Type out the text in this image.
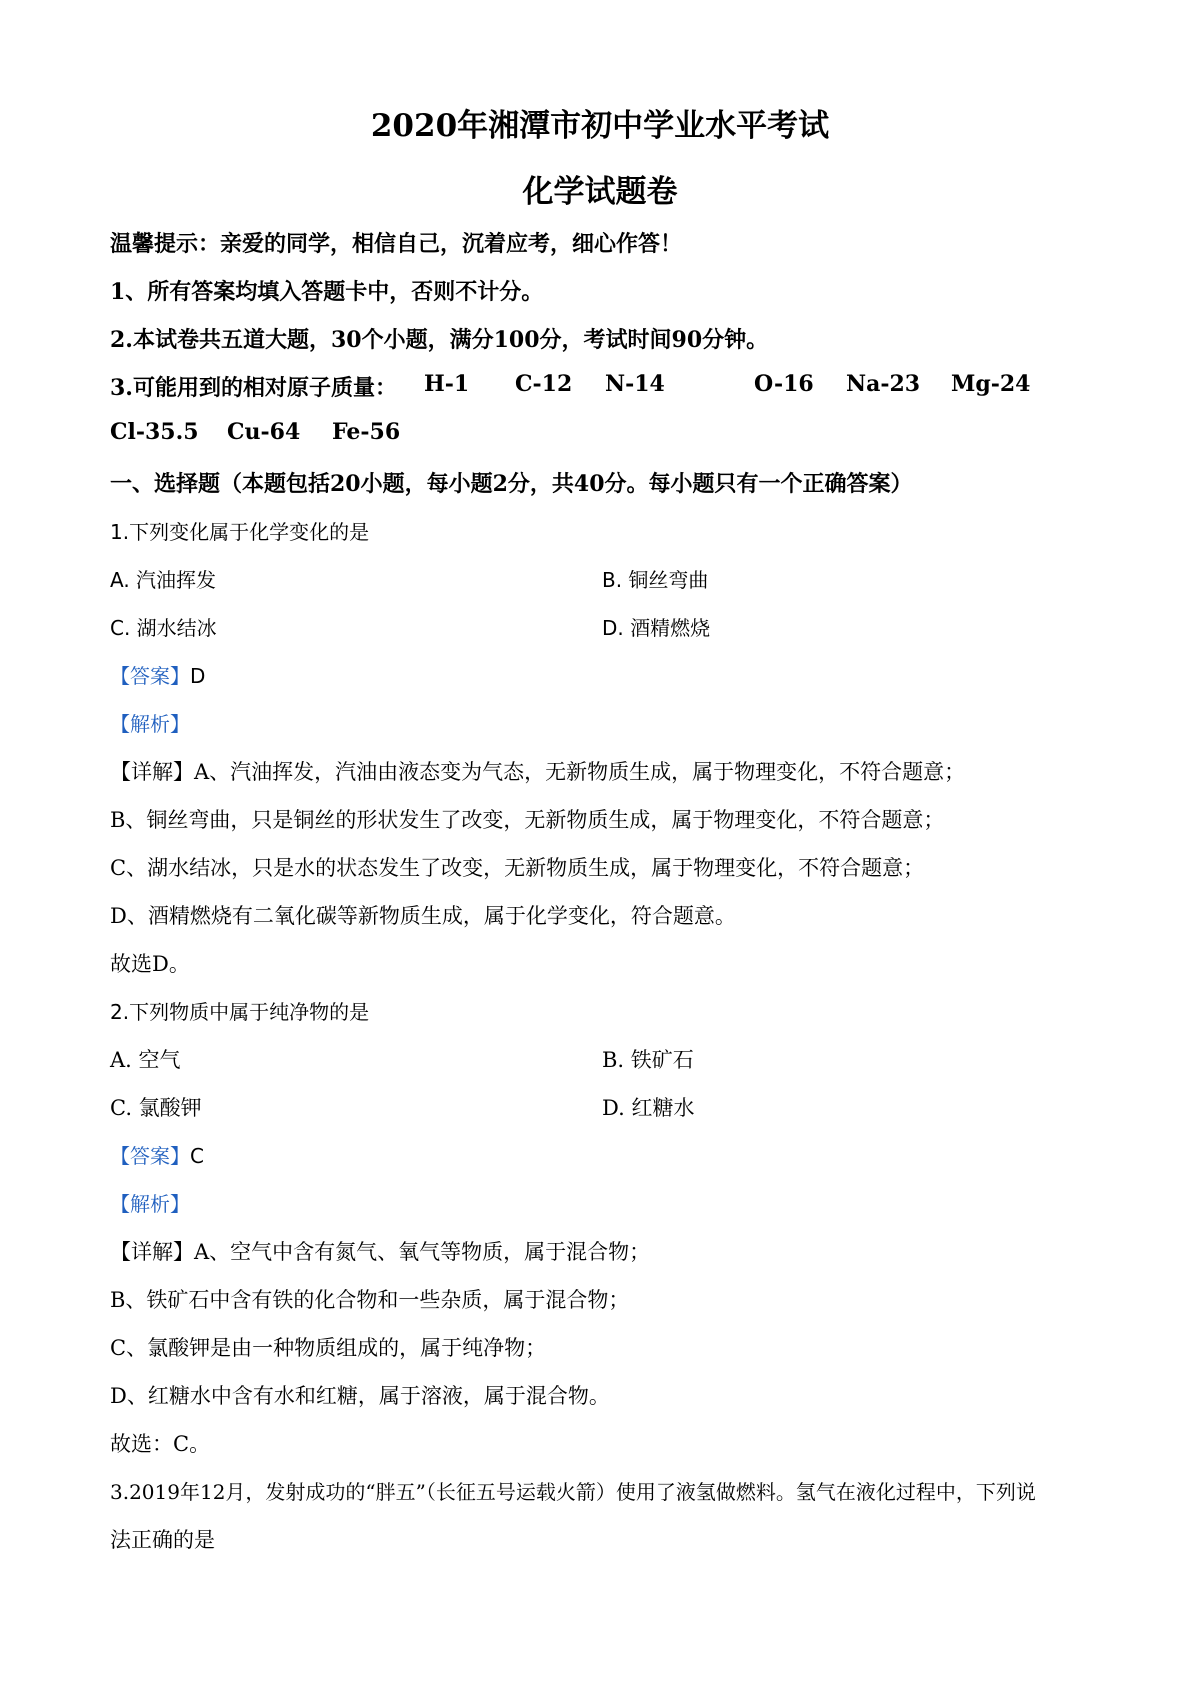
2020年湘潭市初中学业水平考试
化学试题卷
温馨提示：亲爱的同学，相信自己，沉着应考，细心作答！
1、所有答案均填入答题卡中，否则不计分。
2.本试卷共五道大题，30个小题，满分100分，考试时间90分钟。
3.可能用到的相对原子质量： H-1 C-12 N-14	O-16 Na-23 Mg-24
Cl-35.5 Cu-64 Fe-56
一、选择题（本题包括20小题，每小题2分，共40分。每小题只有一个正确答案）
1.下列变化属于化学变化的是
A. 汽油挥发	B. 铜丝弯曲
C. 湖水结冰	D. 酒精燃烧
【答案】D
【解析】
【详解】A、汽油挥发，汽油由液态变为气态，无新物质生成，属于物理变化，不符合题意；
B、铜丝弯曲，只是铜丝的形状发生了改变，无新物质生成，属于物理变化，不符合题意；
C、湖水结冰，只是水的状态发生了改变，无新物质生成，属于物理变化，不符合题意；
D、酒精燃烧有二氧化碳等新物质生成，属于化学变化，符合题意。
故选D。
2.下列物质中属于纯净物的是
A. 空气	B. 铁矿石
C. 氯酸钾	D. 红糖水
【答案】C
【解析】
【详解】A、空气中含有氮气、氧气等物质，属于混合物；
B、铁矿石中含有铁的化合物和一些杂质，属于混合物；
C、氯酸钾是由一种物质组成的，属于纯净物；
D、红糖水中含有水和红糖，属于溶液，属于混合物。
故选：C。
3.2019年12月，发射成功的“胖五”（长征五号运载火箭）使用了液氢做燃料。氢气在液化过程中，下列说
法正确的是
